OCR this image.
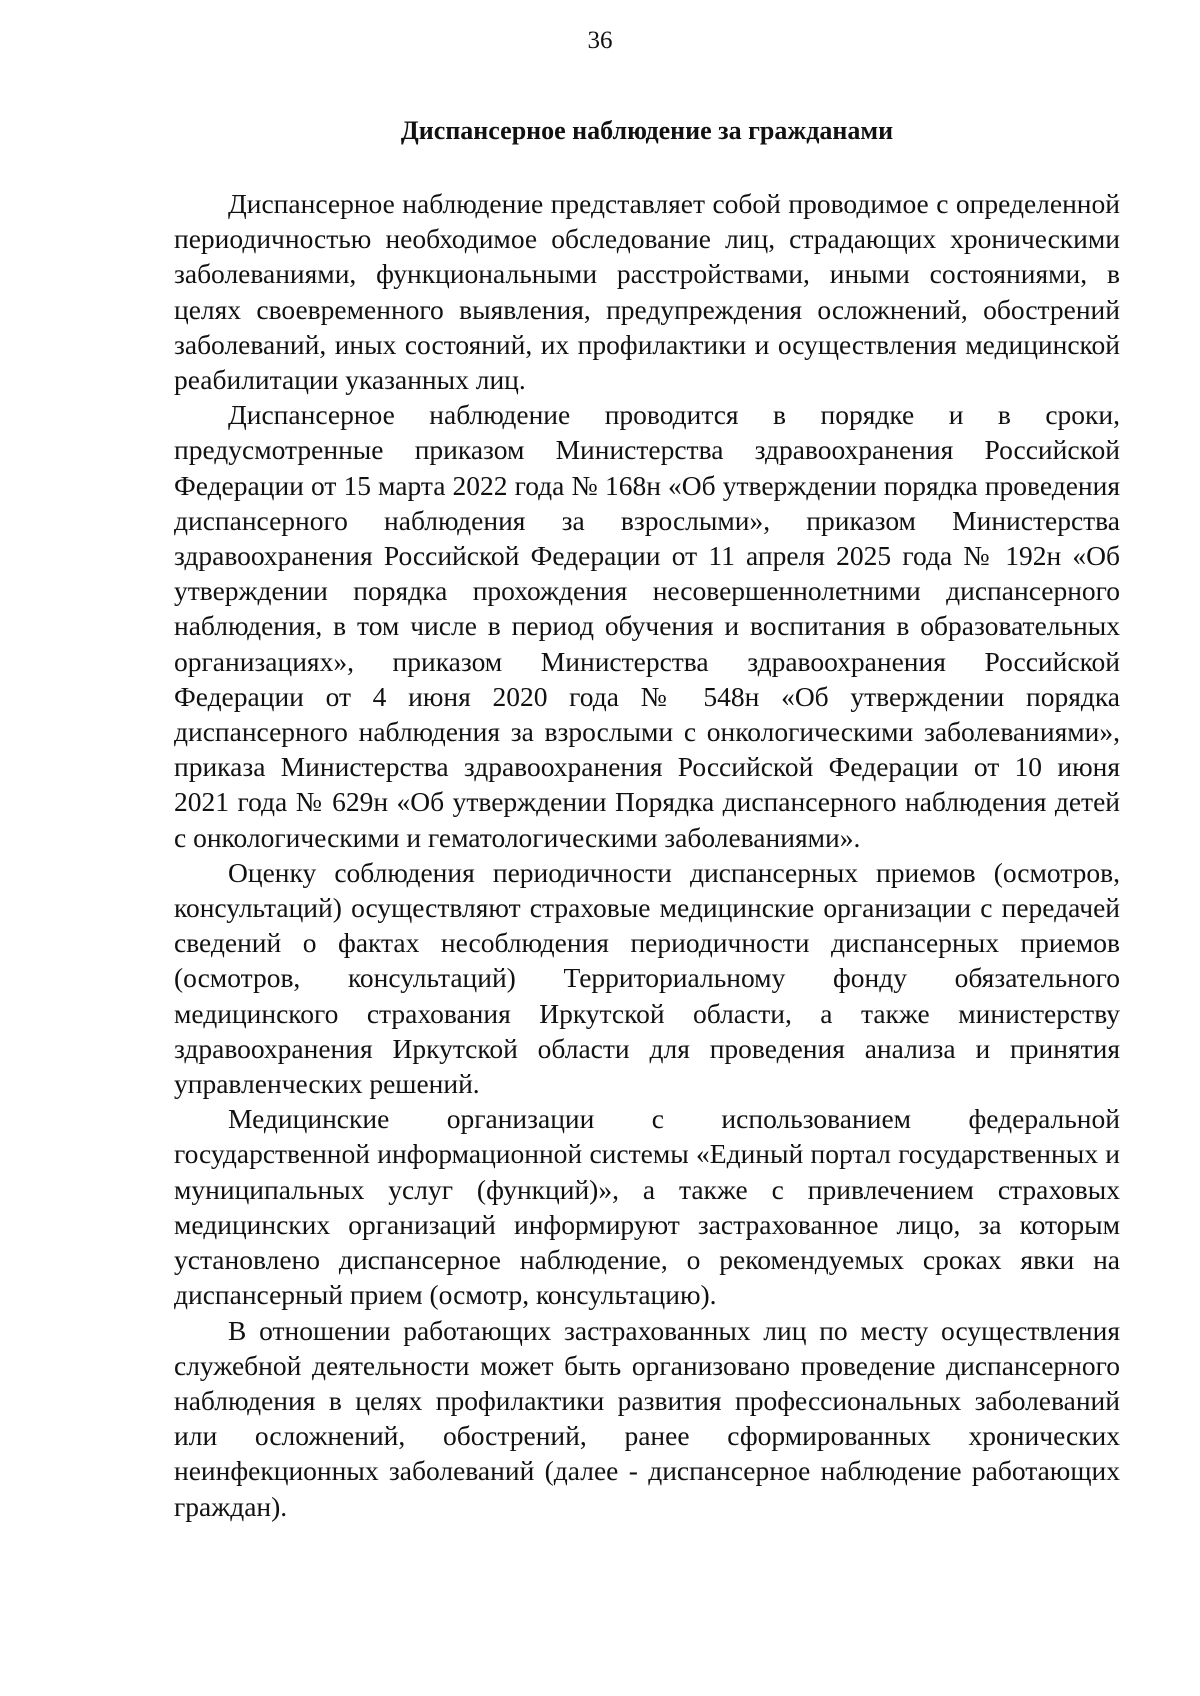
36
Диспансерное наблюдение за гражданами

Диспансерное наблюдение представляет собой проводимое с определенной периодичностью необходимое обследование лиц, страдающих хроническими заболеваниями, функциональными расстройствами, иными состояниями, в целях своевременного выявления, предупреждения осложнений, обострений заболеваний, иных состояний, их профилактики и осуществления медицинской реабилитации указанных лиц.

Диспансерное наблюдение проводится в порядке и в сроки, предусмотренные приказом Министерства здравоохранения Российской Федерации от 15 марта 2022 года № 168н «Об утверждении порядка проведения диспансерного наблюдения за взрослыми», приказом Министерства здравоохранения Российской Федерации от 11 апреля 2025 года № 192н «Об утверждении порядка прохождения несовершеннолетними диспансерного наблюдения, в том числе в период обучения и воспитания в образовательных организациях», приказом Министерства здравоохранения Российской Федерации от 4 июня 2020 года № 548н «Об утверждении порядка диспансерного наблюдения за взрослыми с онкологическими заболеваниями», приказа Министерства здравоохранения Российской Федерации от 10 июня 2021 года № 629н «Об утверждении Порядка диспансерного наблюдения детей с онкологическими и гематологическими заболеваниями».

Оценку соблюдения периодичности диспансерных приемов (осмотров, консультаций) осуществляют страховые медицинские организации с передачей сведений о фактах несоблюдения периодичности диспансерных приемов (осмотров, консультаций) Территориальному фонду обязательного медицинского страхования Иркутской области, а также министерству здравоохранения Иркутской области для проведения анализа и принятия управленческих решений.

Медицинские организации с использованием федеральной государственной информационной системы «Единый портал государственных и муниципальных услуг (функций)», а также с привлечением страховых медицинских организаций информируют застрахованное лицо, за которым установлено диспансерное наблюдение, о рекомендуемых сроках явки на диспансерный прием (осмотр, консультацию).

В отношении работающих застрахованных лиц по месту осуществления служебной деятельности может быть организовано проведение диспансерного наблюдения в целях профилактики развития профессиональных заболеваний или осложнений, обострений, ранее сформированных хронических неинфекционных заболеваний (далее - диспансерное наблюдение работающих граждан).
